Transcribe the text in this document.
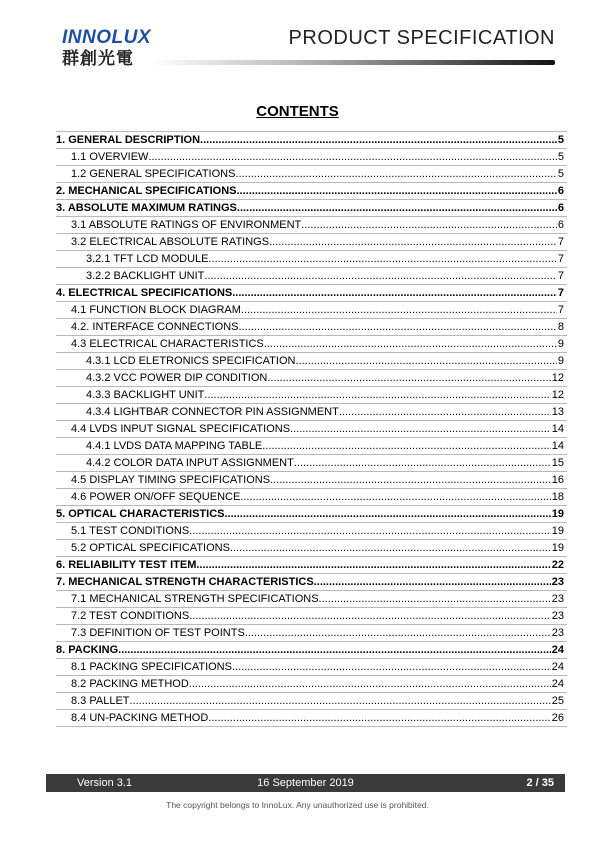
INNOLUX
群創光電
PRODUCT SPECIFICATION
CONTENTS
1. GENERAL DESCRIPTION .....	5
1.1 OVERVIEW .....	5
1.2 GENERAL SPECIFICATIONS .....	5
2. MECHANICAL SPECIFICATIONS .....	6
3. ABSOLUTE MAXIMUM RATINGS .....	6
3.1 ABSOLUTE RATINGS OF ENVIRONMENT .....	6
3.2 ELECTRICAL ABSOLUTE RATINGS .....	7
3.2.1 TFT LCD MODULE .....	7
3.2.2 BACKLIGHT UNIT .....	7
4. ELECTRICAL SPECIFICATIONS .....	7
4.1 FUNCTION BLOCK DIAGRAM .....	7
4.2. INTERFACE CONNECTIONS .....	8
4.3 ELECTRICAL CHARACTERISTICS .....	9
4.3.1 LCD ELETRONICS SPECIFICATION .....	9
4.3.2 VCC POWER DIP CONDITION .....	12
4.3.3 BACKLIGHT UNIT .....	12
4.3.4 LIGHTBAR CONNECTOR PIN ASSIGNMENT .....	13
4.4 LVDS INPUT SIGNAL SPECIFICATIONS .....	14
4.4.1 LVDS DATA MAPPING TABLE .....	14
4.4.2 COLOR DATA INPUT ASSIGNMENT .....	15
4.5 DISPLAY TIMING SPECIFICATIONS .....	16
4.6 POWER ON/OFF SEQUENCE .....	18
5. OPTICAL CHARACTERISTICS .....	19
5.1 TEST CONDITIONS .....	19
5.2 OPTICAL SPECIFICATIONS .....	19
6. RELIABILITY TEST ITEM .....	22
7. MECHANICAL STRENGTH CHARACTERISTICS .....	23
7.1 MECHANICAL STRENGTH SPECIFICATIONS .....	23
7.2 TEST CONDITIONS .....	23
7.3 DEFINITION OF TEST POINTS .....	23
8. PACKING .....	24
8.1 PACKING SPECIFICATIONS .....	24
8.2 PACKING METHOD .....	24
8.3 PALLET .....	25
8.4 UN-PACKING METHOD .....	26
Version 3.1	16 September 2019	2 / 35
The copyright belongs to InnoLux. Any unauthorized use is prohibited.
